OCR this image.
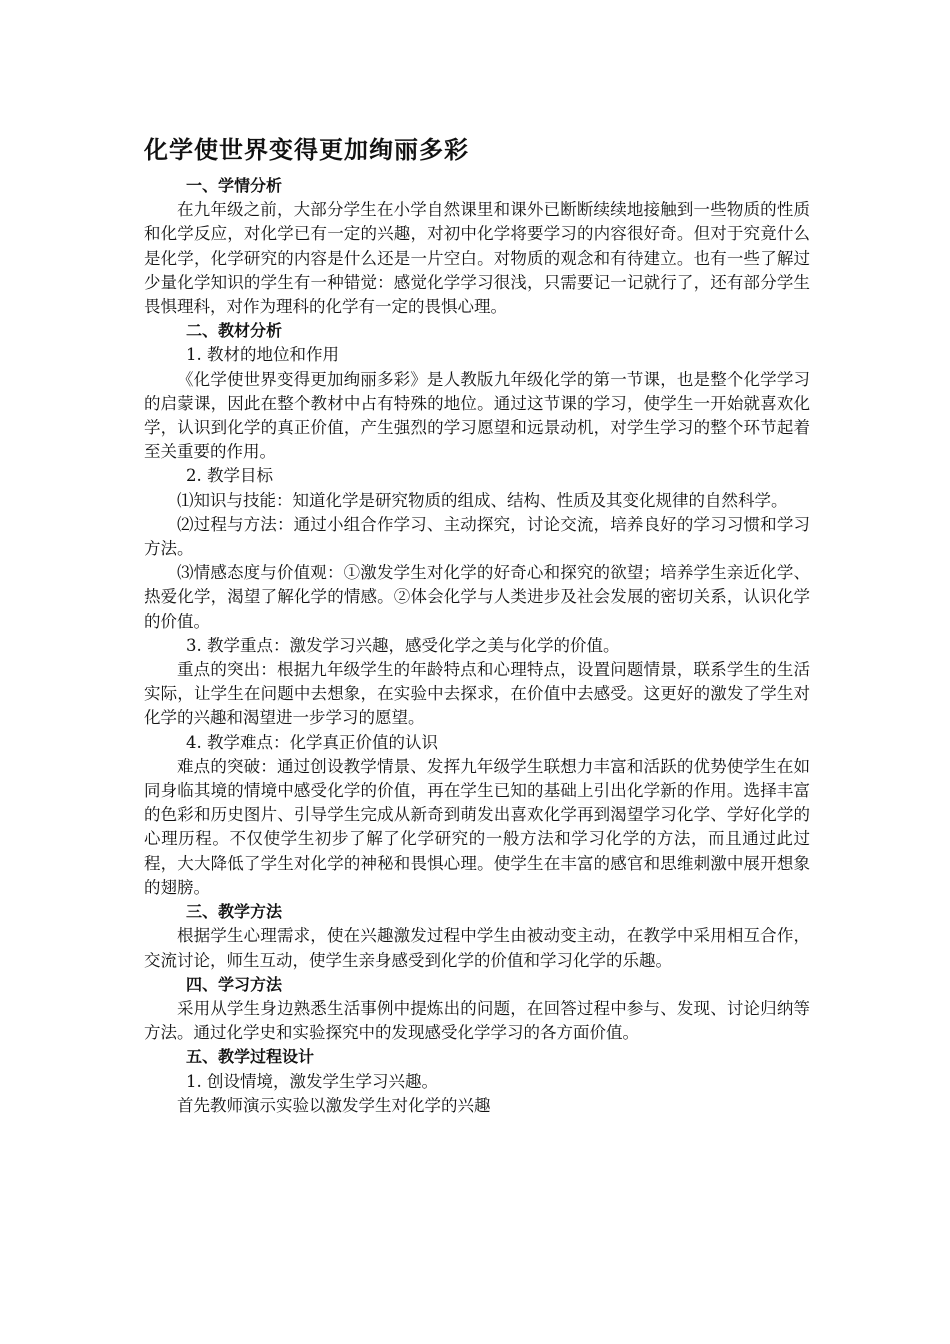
化学使世界变得更加绚丽多彩
一、学情分析

在九年级之前，大部分学生在小学自然课里和课外已断断续续地接触到一些物质的性质和化学反应，对化学已有一定的兴趣，对初中化学将要学习的内容很好奇。但对于究竟什么是化学，化学研究的内容是什么还是一片空白。对物质的观念和有待建立。也有一些了解过少量化学知识的学生有一种错觉：感觉化学学习很浅，只需要记一记就行了，还有部分学生畏惧理科，对作为理科的化学有一定的畏惧心理。

二、教材分析

1. 教材的地位和作用

《化学使世界变得更加绚丽多彩》是人教版九年级化学的第一节课，也是整个化学学习的启蒙课，因此在整个教材中占有特殊的地位。通过这节课的学习，使学生一开始就喜欢化学，认识到化学的真正价值，产生强烈的学习愿望和远景动机，对学生学习的整个环节起着至关重要的作用。

2. 教学目标

⑴知识与技能：知道化学是研究物质的组成、结构、性质及其变化规律的自然科学。

⑵过程与方法：通过小组合作学习、主动探究，讨论交流，培养良好的学习习惯和学习方法。

⑶情感态度与价值观：①激发学生对化学的好奇心和探究的欲望；培养学生亲近化学、热爱化学，渴望了解化学的情感。②体会化学与人类进步及社会发展的密切关系，认识化学的价值。

3. 教学重点：激发学习兴趣，感受化学之美与化学的价值。

重点的突出：根据九年级学生的年龄特点和心理特点，设置问题情景，联系学生的生活实际，让学生在问题中去想象，在实验中去探求，在价值中去感受。这更好的激发了学生对化学的兴趣和渴望进一步学习的愿望。

4. 教学难点：化学真正价值的认识

难点的突破：通过创设教学情景、发挥九年级学生联想力丰富和活跃的优势使学生在如同身临其境的情境中感受化学的价值，再在学生已知的基础上引出化学新的作用。选择丰富的色彩和历史图片、引导学生完成从新奇到萌发出喜欢化学再到渴望学习化学、学好化学的心理历程。不仅使学生初步了解了化学研究的一般方法和学习化学的方法，而且通过此过程，大大降低了学生对化学的神秘和畏惧心理。使学生在丰富的感官和思维刺激中展开想象的翅膀。

三、教学方法

根据学生心理需求，使在兴趣激发过程中学生由被动变主动，在教学中采用相互合作，交流讨论，师生互动，使学生亲身感受到化学的价值和学习化学的乐趣。

四、学习方法

采用从学生身边熟悉生活事例中提炼出的问题，在回答过程中参与、发现、讨论归纳等方法。通过化学史和实验探究中的发现感受化学学习的各方面价值。

五、教学过程设计

1. 创设情境，激发学生学习兴趣。

首先教师演示实验以激发学生对化学的兴趣
